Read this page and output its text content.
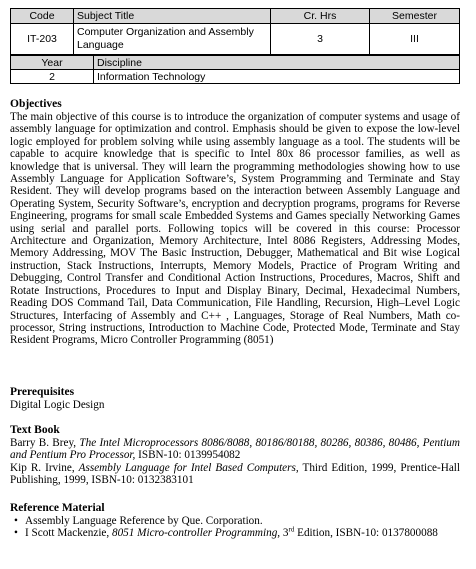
Code	Subject Title	Cr. Hrs	Semester
IT-203	Computer Organization and Assembly Language	3	III
Year	Discipline
2	Information Technology
Objectives
The main objective of this course is to introduce the organization of computer systems and usage of assembly language for optimization and control. Emphasis should be given to expose the low-level logic employed for problem solving while using assembly language as a tool. The students will be capable to acquire knowledge that is specific to Intel 80x 86 processor families, as well as knowledge that is universal. They will learn the programming methodologies showing how to use Assembly Language for Application Software’s, System Programming and Terminate and Stay Resident. They will develop programs based on the interaction between Assembly Language and Operating System, Security Software’s, encryption and decryption programs, programs for Reverse Engineering, programs for small scale Embedded Systems and Games specially Networking Games using serial and parallel ports. Following topics will be covered in this course: Processor Architecture and Organization, Memory Architecture, Intel 8086 Registers, Addressing Modes, Memory Addressing, MOV The Basic Instruction, Debugger, Mathematical and Bit wise Logical instruction, Stack Instructions, Interrupts, Memory Models, Practice of Program Writing and Debugging, Control Transfer and Conditional Action Instructions, Procedures, Macros, Shift and Rotate Instructions, Procedures to Input and Display Binary, Decimal, Hexadecimal Numbers, Reading DOS Command Tail, Data Communication, File Handling, Recursion, High–Level Logic Structures, Interfacing of Assembly and C++ , Languages, Storage of Real Numbers, Math co-processor, String instructions, Introduction to Machine Code, Protected Mode, Terminate and Stay Resident Programs, Micro Controller Programming (8051)
Prerequisites
Digital Logic Design
Text Book
Barry B. Brey, The Intel Microprocessors 8086/8088, 80186/80188, 80286, 80386, 80486, Pentium and Pentium Pro Processor, ISBN-10: 0139954082
Kip R. Irvine, Assembly Language for Intel Based Computers, Third Edition, 1999, Prentice-Hall Publishing, 1999, ISBN-10: 0132383101
Reference Material
• Assembly Language Reference by Que. Corporation.
• I Scott Mackenzie, 8051 Micro-controller Programming, 3rd Edition, ISBN-10: 0137800088
